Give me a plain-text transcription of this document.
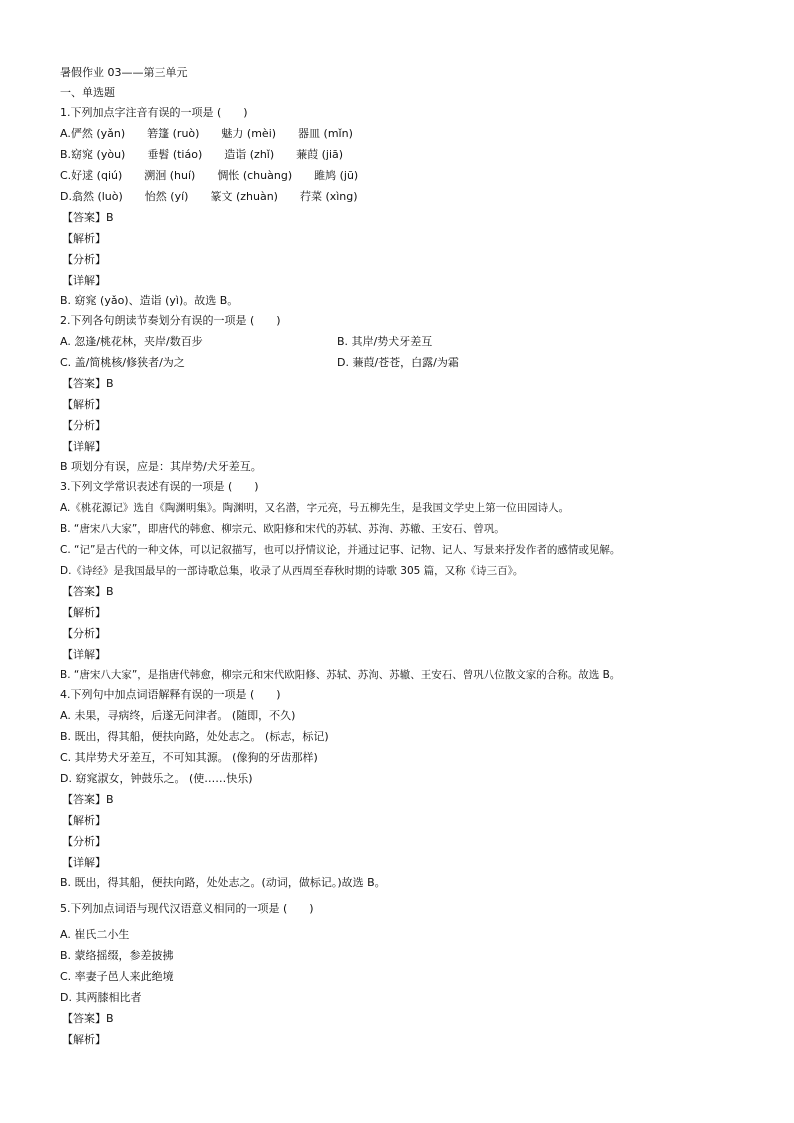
暑假作业 03——第三单元
一、单选题
1.下列加点字注音有误的一项是 (　　)
A.俨然 (yǎn)　　箬篷 (ruò)　　魅力 (mèi)　　器皿 (mǐn)
B.窈窕 (yòu)　　垂髫 (tiáo)　　造诣 (zhǐ)　　蒹葭 (jiā)
C.好逑 (qiú)　　溯洄 (huí)　　惆怅 (chuàng)　　雎鸠 (jū)
D.翕然 (luò)　　怡然 (yí)　　篆文 (zhuàn)　　荇菜 (xìng)
【答案】B
【解析】
【分析】
【详解】
B. 窈窕 (yǎo)、造诣 (yì)。故选 B。
2.下列各句朗读节奏划分有误的一项是 (　　)
A. 忽逢/桃花林，夹岸/数百步	B. 其岸/势犬牙差互
C. 盖/简桃核/修狭者/为之	D. 蒹葭/苍苍，白露/为霜
【答案】B
【解析】
【分析】
【详解】
B 项划分有误，应是：其岸势/犬牙差互。
3.下列文学常识表述有误的一项是 (　　)
A.《桃花源记》选自《陶渊明集》。陶渊明，又名潜，字元亮，号五柳先生，是我国文学史上第一位田园诗人。
B. “唐宋八大家”，即唐代的韩愈、柳宗元、欧阳修和宋代的苏轼、苏洵、苏辙、王安石、曾巩。
C. “记”是古代的一种文体，可以记叙描写，也可以抒情议论，并通过记事、记物、记人、写景来抒发作者的感情或见解。
D.《诗经》是我国最早的一部诗歌总集，收录了从西周至春秋时期的诗歌 305 篇，又称《诗三百》。
【答案】B
【解析】
【分析】
【详解】
B. “唐宋八大家”，是指唐代韩愈，柳宗元和宋代欧阳修、苏轼、苏洵、苏辙、王安石、曾巩八位散文家的合称。故选 B。
4.下列句中加点词语解释有误的一项是 (　　)
A. 未果，寻病终，后遂无问津者。 (随即，不久)
B. 既出，得其船，便扶向路，处处志之。 (标志，标记)
C. 其岸势犬牙差互，不可知其源。 (像狗的牙齿那样)
D. 窈窕淑女，钟鼓乐之。 (使……快乐)
【答案】B
【解析】
【分析】
【详解】
B. 既出，得其船，便扶向路，处处志之。(动词，做标记。)故选 B。
5.下列加点词语与现代汉语意义相同的一项是 (　　)
A. 崔氏二小生
B. 蒙络摇缀，参差披拂
C. 率妻子邑人来此绝境
D. 其两膝相比者
【答案】B
【解析】
